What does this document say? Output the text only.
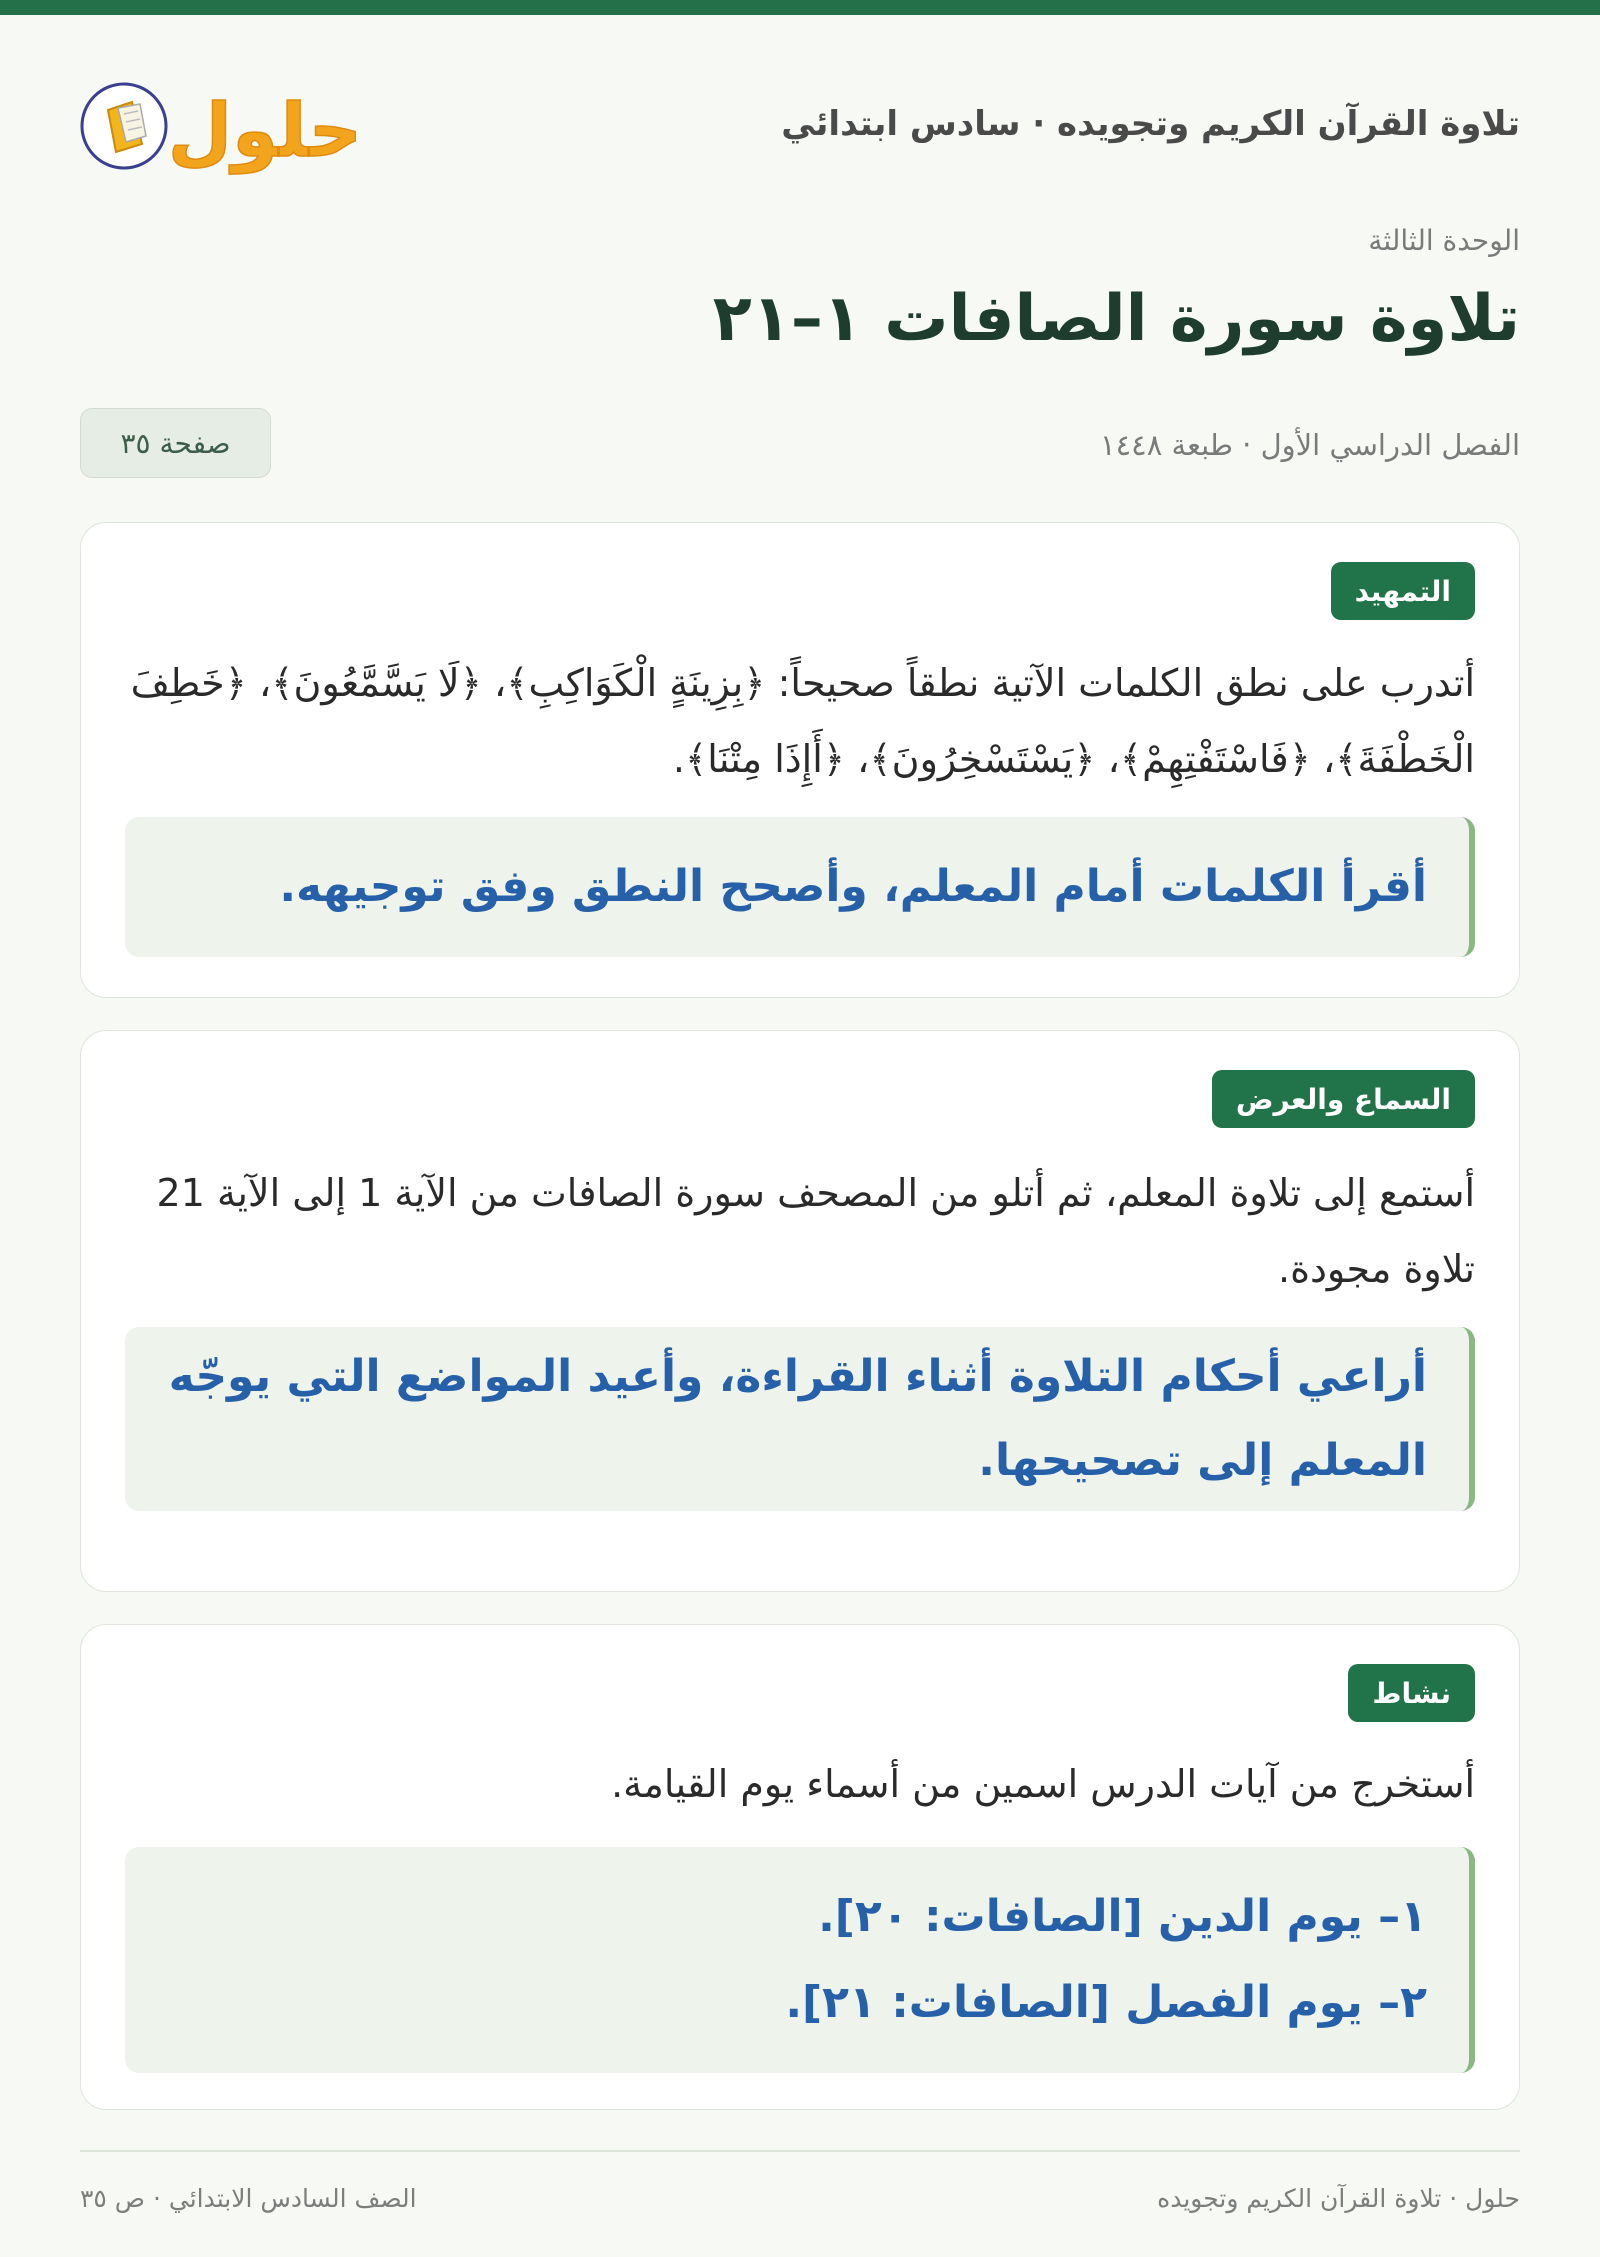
تلاوة القرآن الكريم وتجويده · سادس ابتدائي
حلول
الوحدة الثالثة
تلاوة سورة الصافات ١–٢١
الفصل الدراسي الأول · طبعة ١٤٤٨
صفحة ٣٥
التمهيد

أتدرب على نطق الكلمات الآتية نطقاً صحيحاً: ﴿بِزِينَةٍ الْكَوَاكِبِ﴾، ﴿لَا يَسَّمَّعُونَ﴾، ﴿خَطِفَ الْخَطْفَةَ﴾، ﴿فَاسْتَفْتِهِمْ﴾، ﴿يَسْتَسْخِرُونَ﴾، ﴿أَإِذَا مِتْنَا﴾.

أقرأ الكلمات أمام المعلم، وأصحح النطق وفق توجيهه.
السماع والعرض

أستمع إلى تلاوة المعلم، ثم أتلو من المصحف سورة الصافات من الآية 1 إلى الآية 21 تلاوة مجودة.

أراعي أحكام التلاوة أثناء القراءة، وأعيد المواضع التي يوجّه المعلم إلى تصحيحها.
نشاط

أستخرج من آيات الدرس اسمين من أسماء يوم القيامة.

١– يوم الدين [الصافات: ٢٠].
٢– يوم الفصل [الصافات: ٢١].
حلول · تلاوة القرآن الكريم وتجويده
الصف السادس الابتدائي · ص ٣٥
